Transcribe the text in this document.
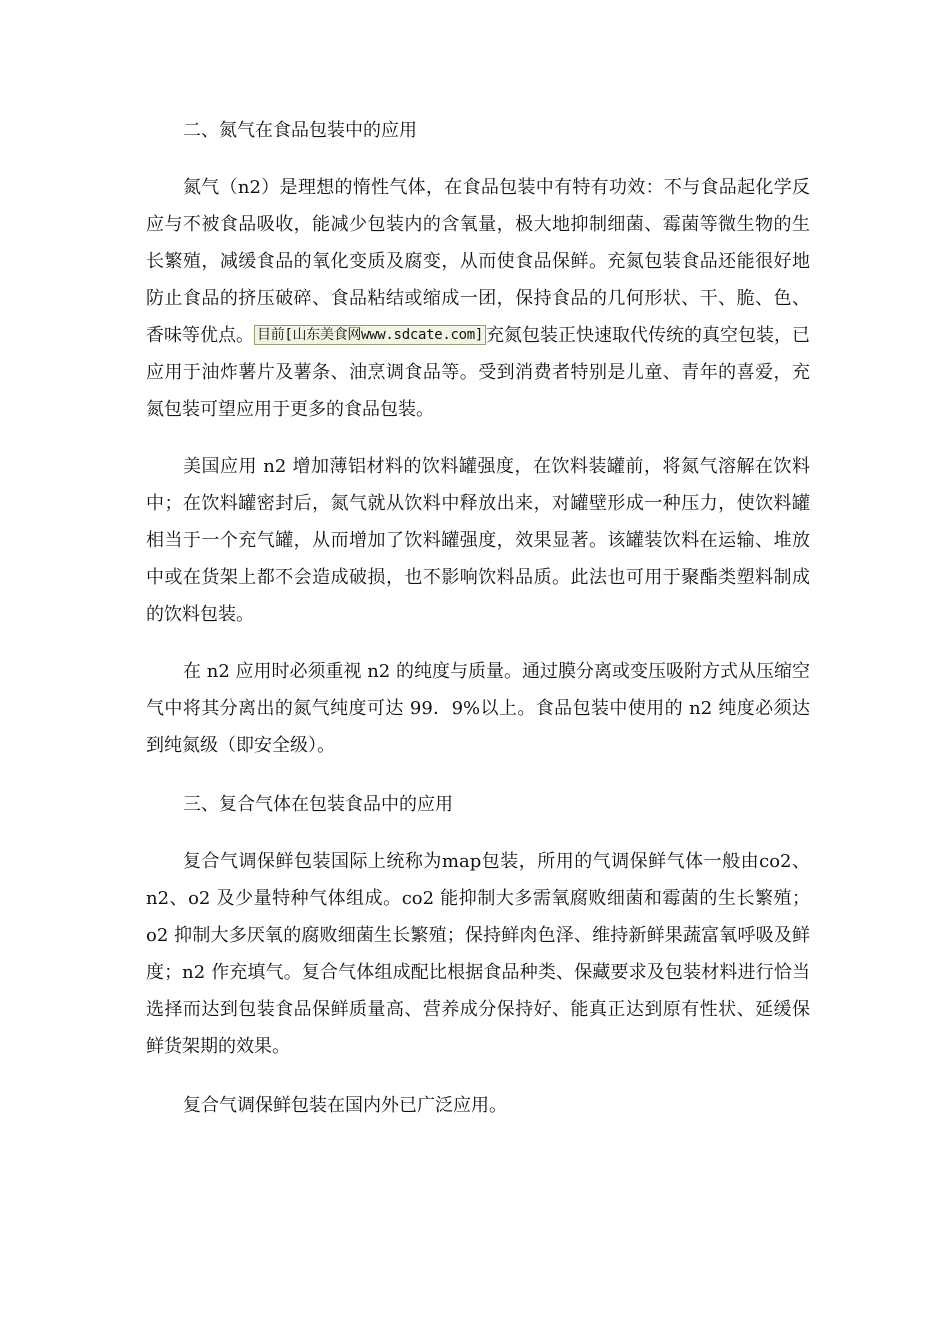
二、氮气在食品包装中的应用

氮气（n2）是理想的惰性气体，在食品包装中有特有功效：不与食品起化学反应与不被食品吸收，能减少包装内的含氧量，极大地抑制细菌、霉菌等微生物的生长繁殖，减缓食品的氧化变质及腐变，从而使食品保鲜。充氮包装食品还能很好地防止食品的挤压破碎、食品粘结或缩成一团，保持食品的几何形状、干、脆、色、香味等优点。 目前[山东美食网www.sdcate.com] 充氮包装正快速取代传统的真空包装，已应用于油炸薯片及薯条、油烹调食品等。受到消费者特别是儿童、青年的喜爱，充氮包装可望应用于更多的食品包装。

美国应用 n2 增加薄铝材料的饮料罐强度，在饮料装罐前，将氮气溶解在饮料中；在饮料罐密封后，氮气就从饮料中释放出来，对罐壁形成一种压力，使饮料罐相当于一个充气罐，从而增加了饮料罐强度，效果显著。该罐装饮料在运输、堆放中或在货架上都不会造成破损，也不影响饮料品质。此法也可用于聚酯类塑料制成的饮料包装。

在 n2 应用时必须重视 n2 的纯度与质量。通过膜分离或变压吸附方式从压缩空气中将其分离出的氮气纯度可达 99．9%以上。食品包装中使用的 n2 纯度必须达到纯氮级（即安全级）。

三、复合气体在包装食品中的应用

复合气调保鲜包装国际上统称为map包装，所用的气调保鲜气体一般由co2、n2、o2 及少量特种气体组成。co2 能抑制大多需氧腐败细菌和霉菌的生长繁殖；o2 抑制大多厌氧的腐败细菌生长繁殖；保持鲜肉色泽、维持新鲜果蔬富氧呼吸及鲜度；n2 作充填气。复合气体组成配比根据食品种类、保藏要求及包装材料进行恰当选择而达到包装食品保鲜质量高、营养成分保持好、能真正达到原有性状、延缓保鲜货架期的效果。

复合气调保鲜包装在国内外已广泛应用。
